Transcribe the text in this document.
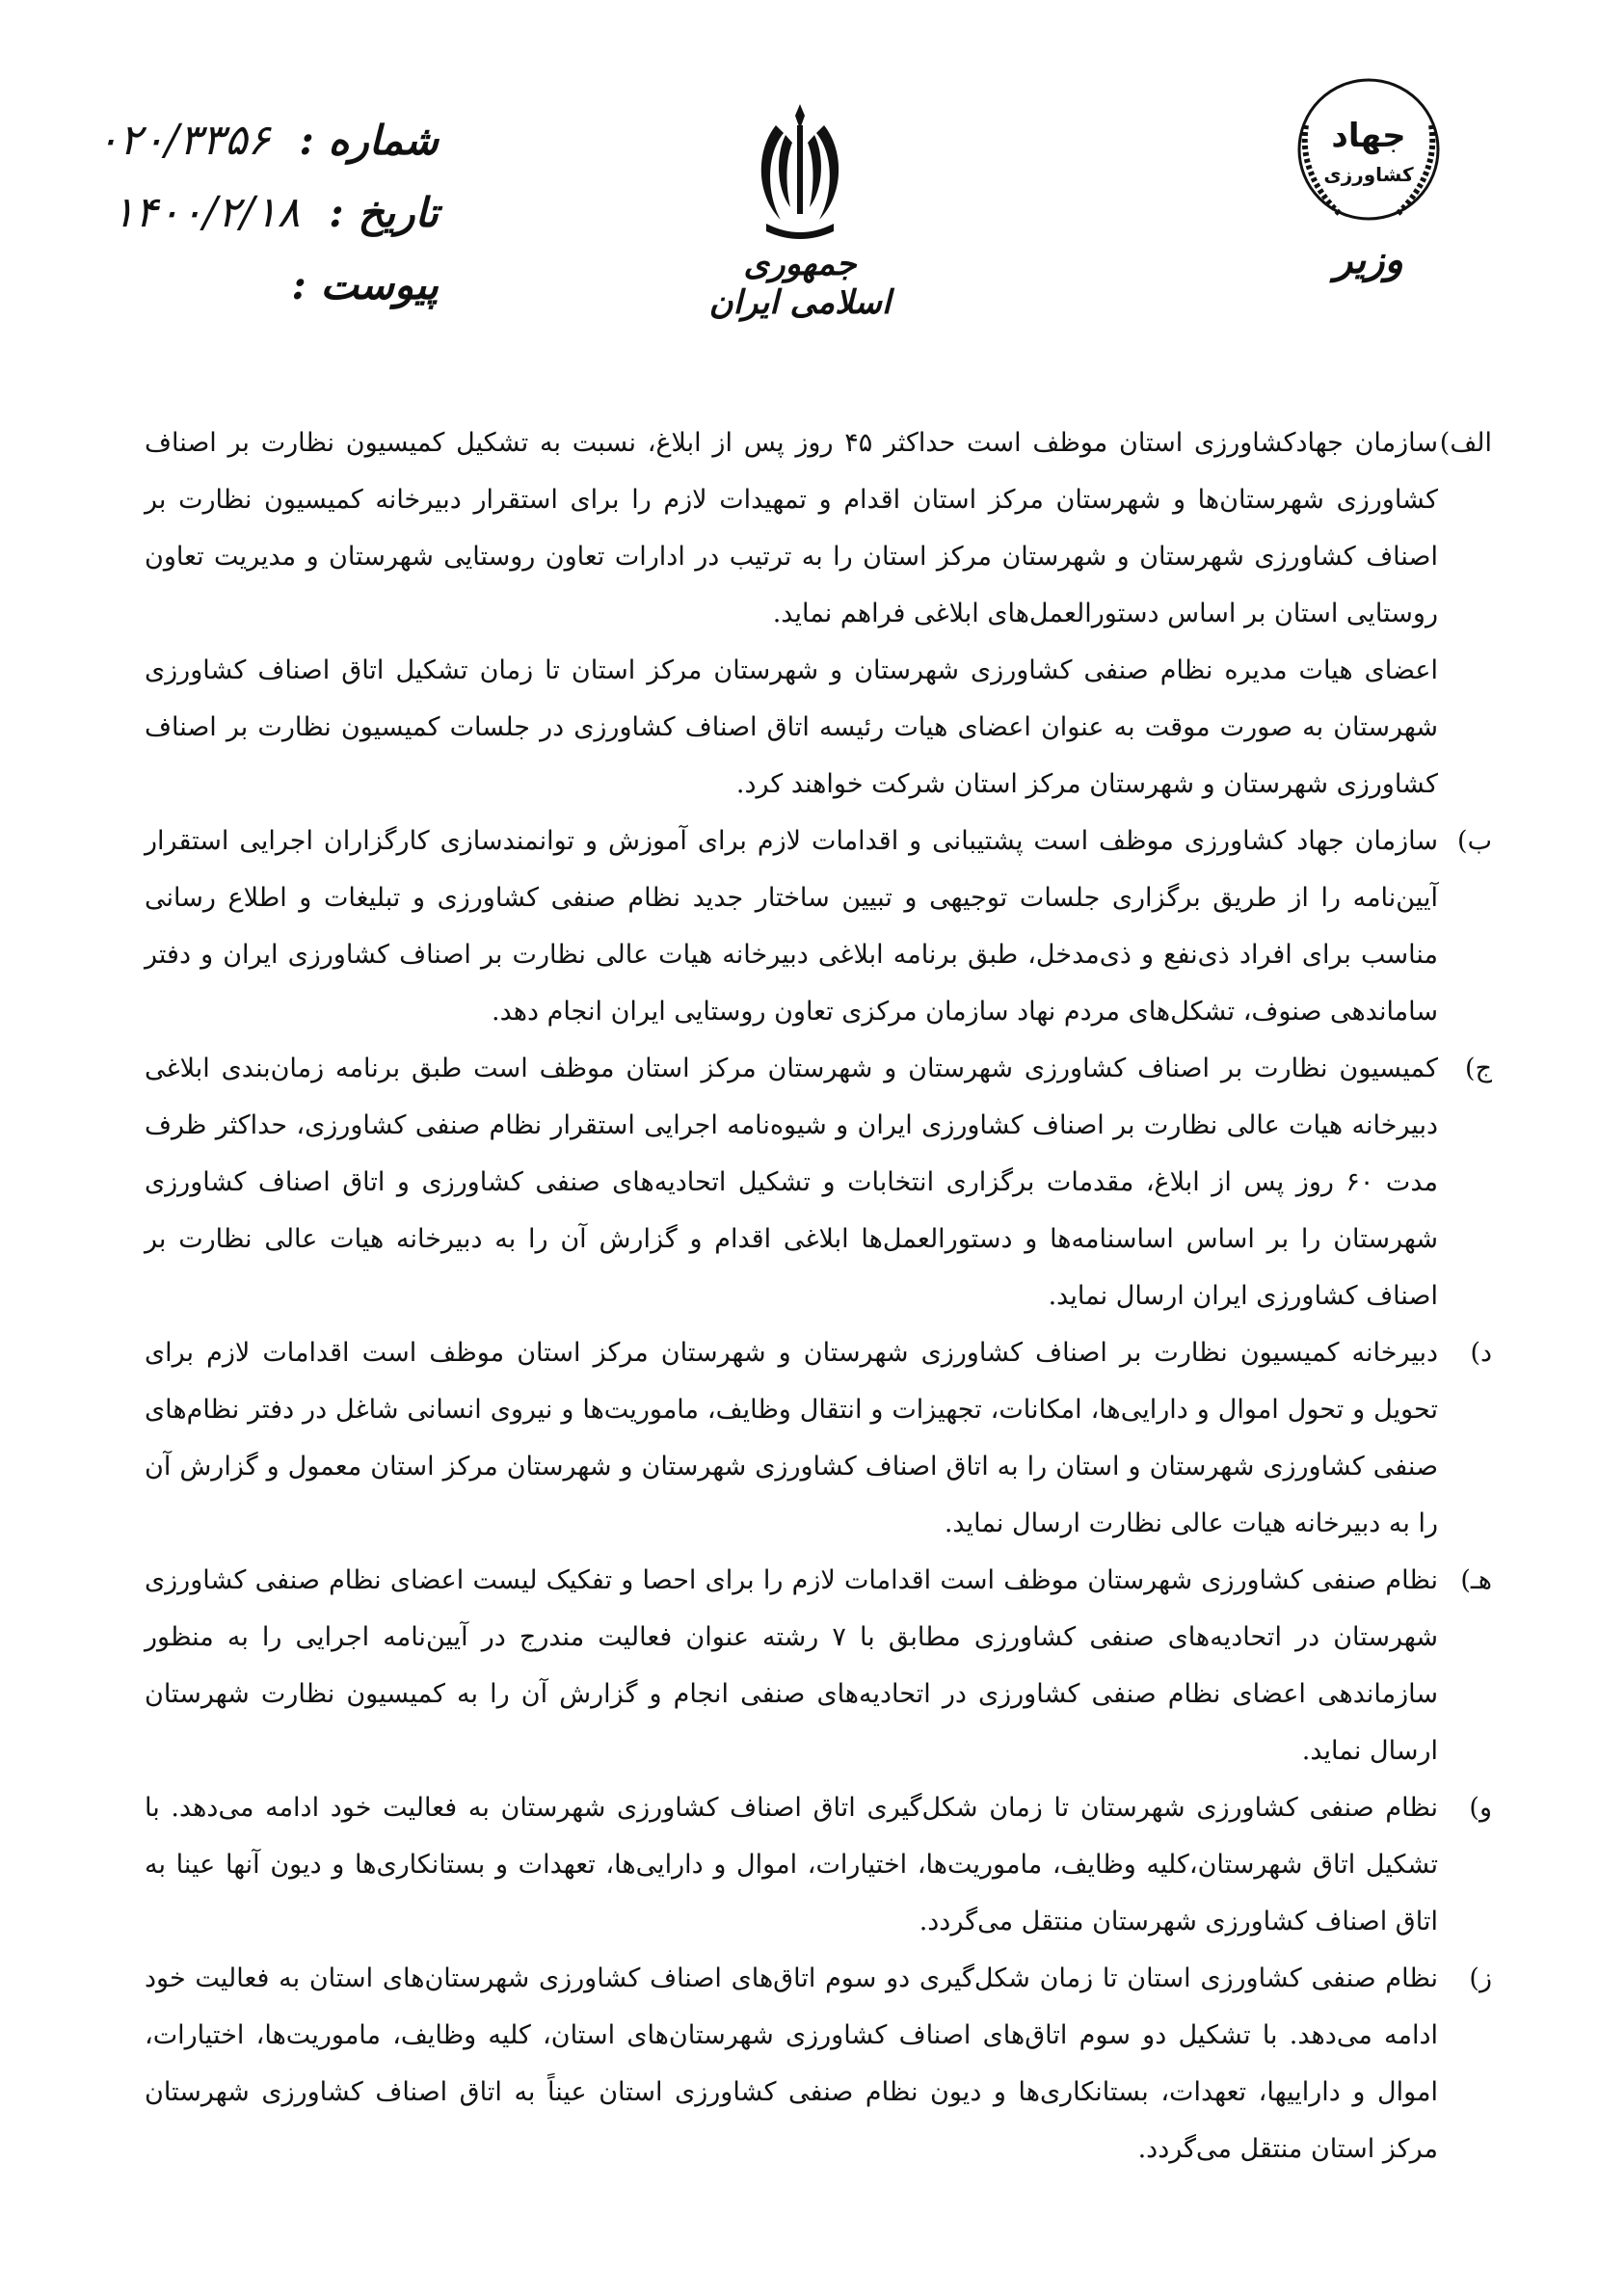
شماره :
۰۲۰/۳۳۵۶
تاریخ :
۱۴۰۰/۲/۱۸
پیوست :	جمهوری اسلامی ایران
جهاد
کشاورزی
وزیر

الف)
سازمان جهادکشاورزی استان موظف است حداکثر ۴۵ روز پس از ابلاغ، نسبت به تشکیل کمیسیون نظارت بر اصناف کشاورزی شهرستان‌ها و شهرستان مرکز استان اقدام و تمهیدات لازم را برای استقرار دبیرخانه کمیسیون نظارت بر اصناف کشاورزی شهرستان و شهرستان مرکز استان را به ترتیب در ادارات تعاون روستایی شهرستان و مدیریت تعاون روستایی استان بر اساس دستورالعمل‌های ابلاغی فراهم نماید.

اعضای هیات مدیره نظام صنفی کشاورزی شهرستان و شهرستان مرکز استان تا زمان تشکیل اتاق اصناف کشاورزی شهرستان به صورت موقت به عنوان اعضای هیات رئیسه اتاق اصناف کشاورزی در جلسات کمیسیون نظارت بر اصناف کشاورزی شهرستان و شهرستان مرکز استان شرکت خواهند کرد.

ب)
سازمان جهاد کشاورزی موظف است پشتیبانی و اقدامات لازم برای آموزش و توانمندسازی کارگزاران اجرایی استقرار آیین‌نامه را از طریق برگزاری جلسات توجیهی و تبیین ساختار جدید نظام صنفی کشاورزی و تبلیغات و اطلاع رسانی مناسب برای افراد ذی‌نفع و ذی‌مدخل، طبق برنامه ابلاغی دبیرخانه هیات عالی نظارت بر اصناف کشاورزی ایران و دفتر ساماندهی صنوف، تشکل‌های مردم نهاد سازمان مرکزی تعاون روستایی ایران انجام دهد.

ج)
کمیسیون نظارت بر اصناف کشاورزی شهرستان و شهرستان مرکز استان موظف است طبق برنامه زمان‌بندی ابلاغی دبیرخانه هیات عالی نظارت بر اصناف کشاورزی ایران و شیوه‌نامه اجرایی استقرار نظام صنفی کشاورزی، حداکثر ظرف مدت ۶۰ روز پس از ابلاغ، مقدمات برگزاری انتخابات و تشکیل اتحادیه‌های صنفی کشاورزی و اتاق اصناف کشاورزی شهرستان را بر اساس اساسنامه‌ها و دستورالعمل‌ها ابلاغی اقدام و گزارش آن را به دبیرخانه هیات عالی نظارت بر اصناف کشاورزی ایران ارسال نماید.

د)
دبیرخانه کمیسیون نظارت بر اصناف کشاورزی شهرستان و شهرستان مرکز استان موظف است اقدامات لازم برای تحویل و تحول اموال و دارایی‌ها، امکانات، تجهیزات و انتقال وظایف، ماموریت‌ها و نیروی انسانی شاغل در دفتر نظام‌های صنفی کشاورزی شهرستان و استان را به اتاق اصناف کشاورزی شهرستان و شهرستان مرکز استان معمول و گزارش آن را به دبیرخانه هیات عالی نظارت ارسال نماید.

هـ)
نظام صنفی کشاورزی شهرستان موظف است اقدامات لازم را برای احصا و تفکیک لیست اعضای نظام صنفی کشاورزی شهرستان در اتحادیه‌های صنفی کشاورزی مطابق با ۷ رشته عنوان فعالیت مندرج در آیین‌نامه اجرایی را به منظور سازماندهی اعضای نظام صنفی کشاورزی در اتحادیه‌های صنفی انجام و گزارش آن را به کمیسیون نظارت شهرستان ارسال نماید.

و)
نظام صنفی کشاورزی شهرستان تا زمان شکل‌گیری اتاق اصناف کشاورزی شهرستان به فعالیت خود ادامه می‌دهد. با تشکیل اتاق شهرستان،کلیه وظایف، ماموریت‌ها، اختیارات، اموال و دارایی‌ها، تعهدات و بستانکاری‌ها و دیون آنها عینا به اتاق اصناف کشاورزی شهرستان منتقل می‌گردد.

ز)
نظام صنفی کشاورزی استان تا زمان شکل‌گیری دو سوم اتاق‌های اصناف کشاورزی شهرستان‌های استان به فعالیت خود ادامه می‌دهد. با تشکیل دو سوم اتاق‌های اصناف کشاورزی شهرستان‌های استان، کلیه وظایف، ماموریت‌ها، اختیارات، اموال و داراییها، تعهدات، بستانکاری‌ها و دیون نظام صنفی کشاورزی استان عیناً به اتاق اصناف کشاورزی شهرستان مرکز استان منتقل می‌گردد.
